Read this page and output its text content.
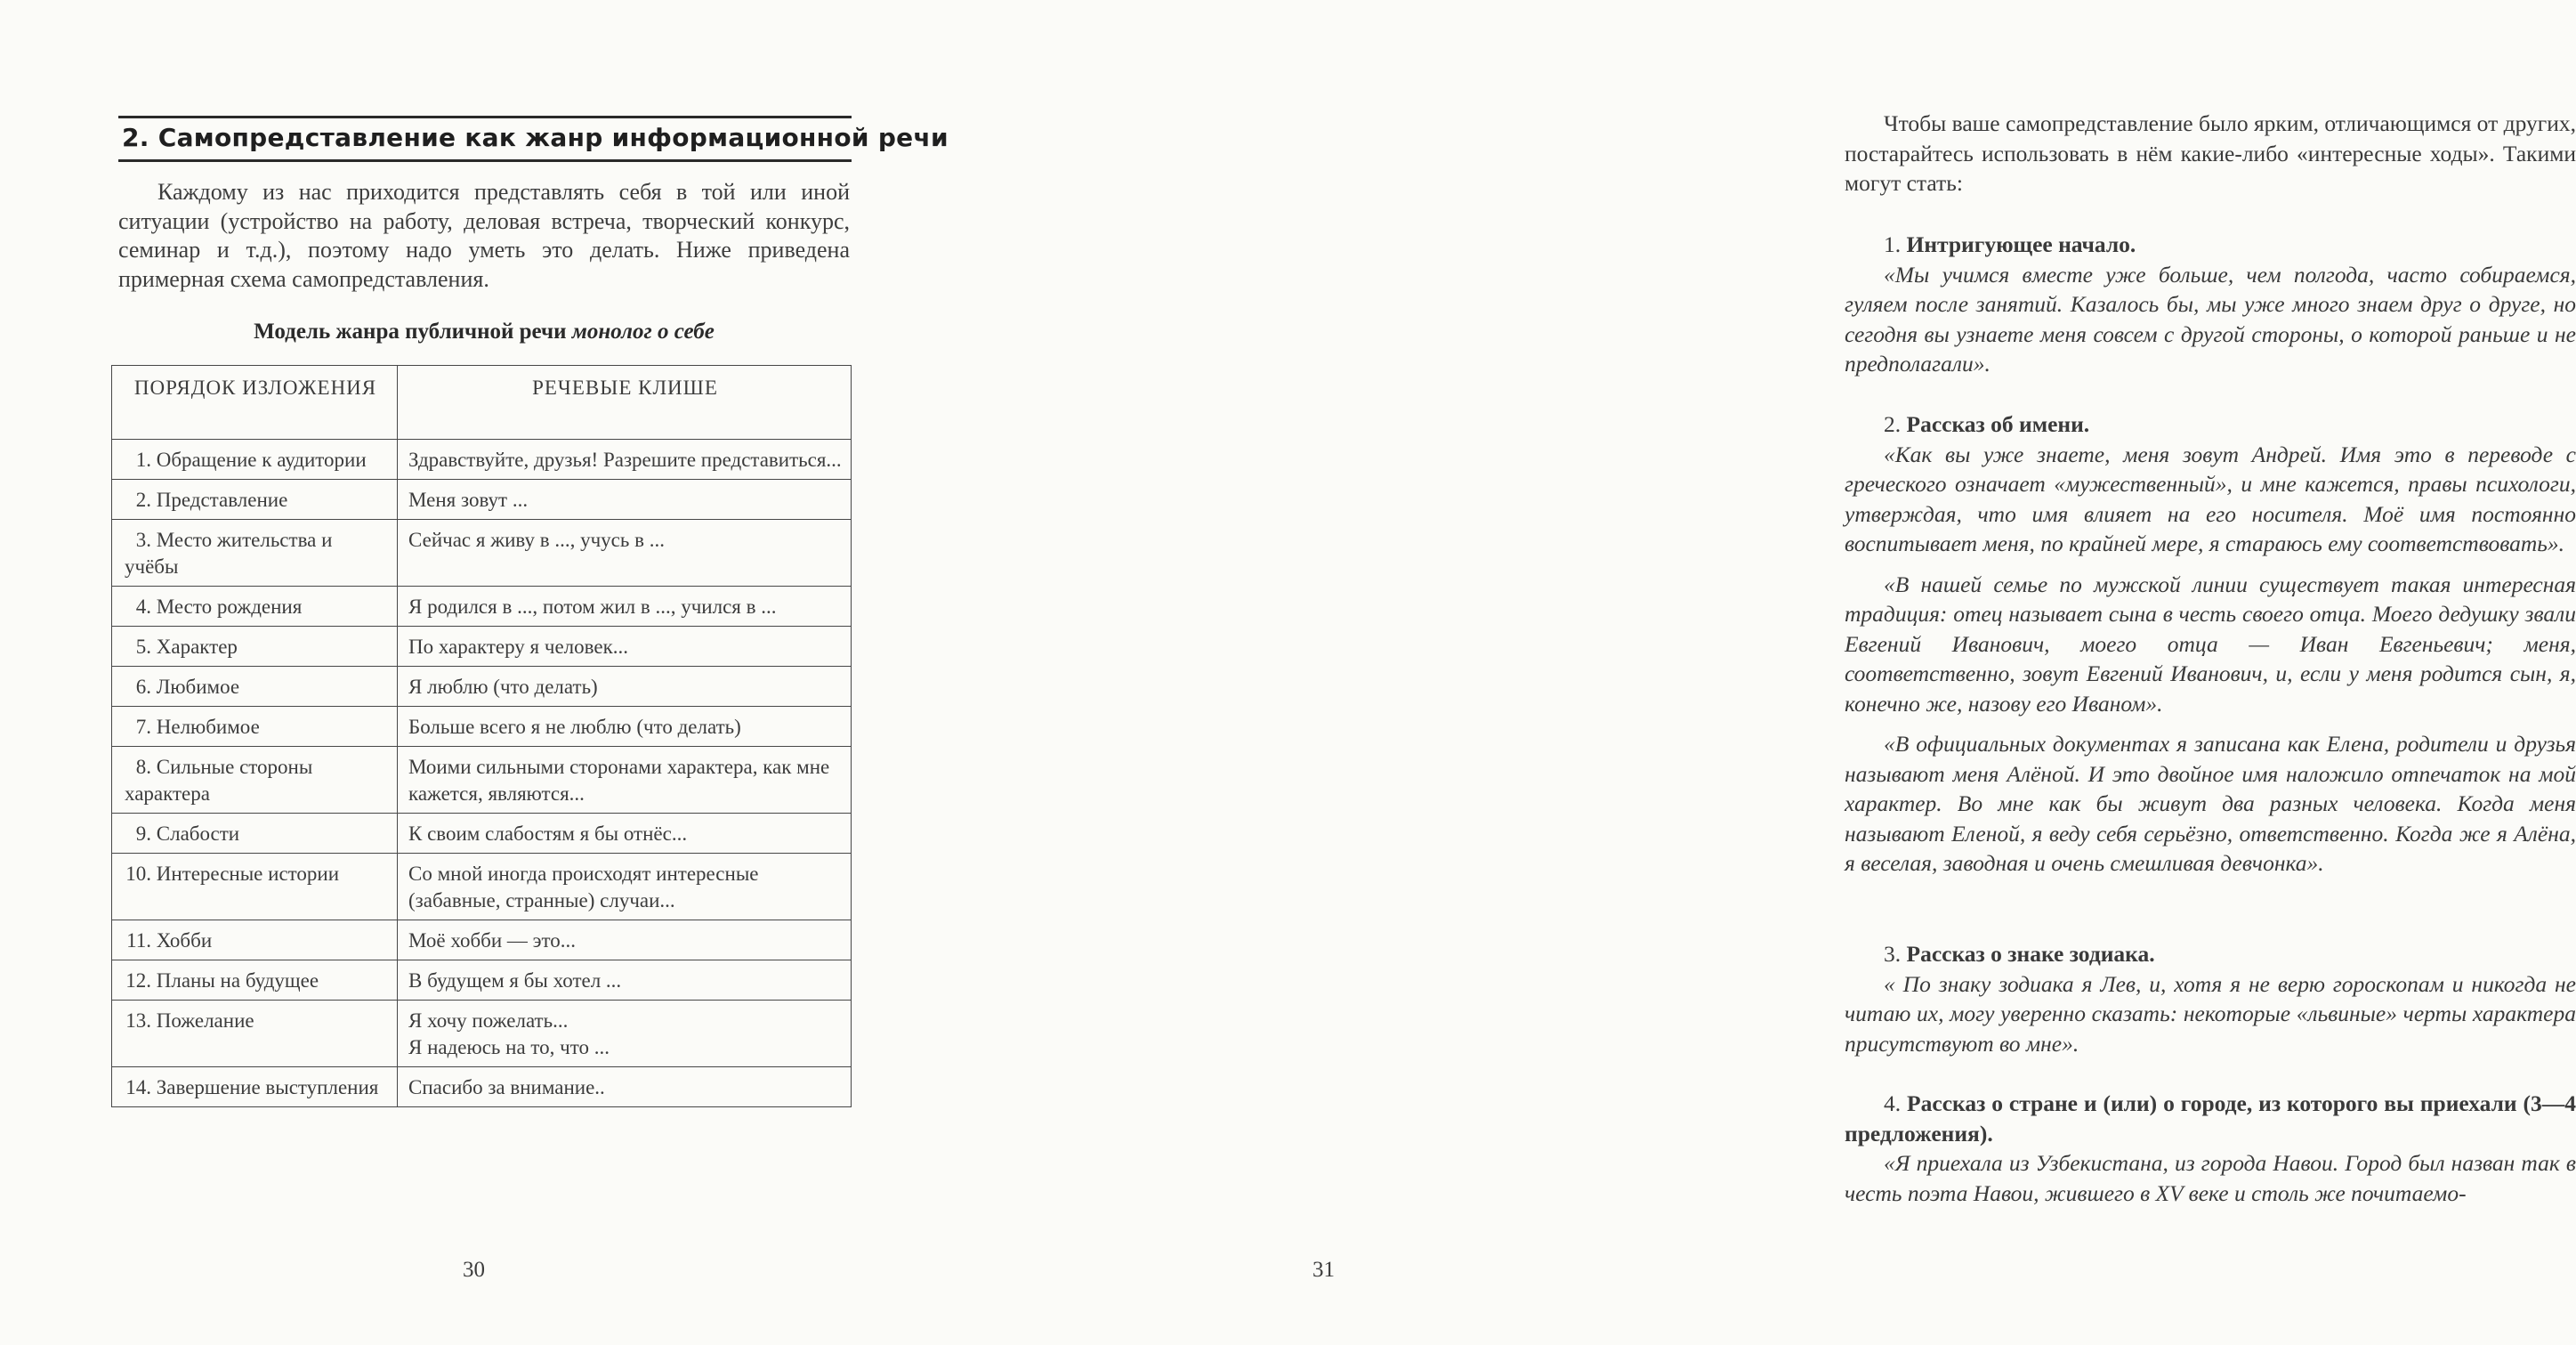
2. Самопредставление как жанр информационной речи

Каждому из нас приходится представлять себя в той или иной ситуации (устройство на работу, деловая встреча, творческий конкурс, семинар и т.д.), поэтому надо уметь это делать. Ниже приведена примерная схема самопредставления.

Модель жанра публичной речи монолог о себе
ПОРЯДОК ИЗЛОЖЕНИЯ	РЕЧЕВЫЕ КЛИШЕ
1. Обращение к аудитории	Здравствуйте, друзья! Разрешите представиться...

2. Представление	Меня зовут ...

3. Место жительства и учёбы	Сейчас я живу в ..., учусь в ...

4. Место рождения	Я родился в ..., потом жил в ..., учился в ...

5. Характер	По характеру я человек...

6. Любимое	Я люблю (что делать)

7. Нелюбимое	Больше всего я не люблю (что делать)

8. Сильные стороны характера	Моими сильными сторонами характера, как мне кажется, являются...

9. Слабости	К своим слабостям я бы отнёс...

10. Интересные истории	Со мной иногда происходят интересные (забавные, странные) случаи...

11. Хобби	Моё хобби — это...

12. Планы на будущее	В будущем я бы хотел ...

13. Пожелание	Я хочу пожелать...
Я надеюсь на то, что ...

14. Завершение выступления	Спасибо за внимание..
30

Чтобы ваше самопредставление было ярким, отличающимся от других, постарайтесь использовать в нём какие-либо «интересные ходы». Такими могут стать:

1. Интригующее начало.

«Мы учимся вместе уже больше, чем полгода, часто собираемся, гуляем после занятий. Казалось бы, мы уже много знаем друг о друге, но сегодня вы узнаете меня совсем с другой стороны, о которой раньше и не предполагали».

2. Рассказ об имени.

«Как вы уже знаете, меня зовут Андрей. Имя это в переводе с греческого означает «мужественный», и мне кажется, правы психологи, утверждая, что имя влияет на его носителя. Моё имя постоянно воспитывает меня, по крайней мере, я стараюсь ему соответствовать».

«В нашей семье по мужской линии существует такая интересная традиция: отец называет сына в честь своего отца. Моего дедушку звали Евгений Иванович, моего отца — Иван Евгеньевич; меня, соответственно, зовут Евгений Иванович, и, если у меня родится сын, я, конечно же, назову его Иваном».

«В официальных документах я записана как Елена, родители и друзья называют меня Алёной. И это двойное имя наложило отпечаток на мой характер. Во мне как бы живут два разных человека. Когда меня называют Еленой, я веду себя серьёзно, ответственно. Когда же я Алёна, я веселая, заводная и очень смешливая девчонка».

3. Рассказ о знаке зодиака.

« По знаку зодиака я Лев, и, хотя я не верю гороскопам и никогда не читаю их, могу уверенно сказать: некоторые «львиные» черты характера присутствуют во мне».

4. Рассказ о стране и (или) о городе, из которого вы приехали (3—4 предложения).

«Я приехала из Узбекистана, из города Навои. Город был назван так в честь поэта Навои, жившего в XV веке и столь же почитаемо-

31
